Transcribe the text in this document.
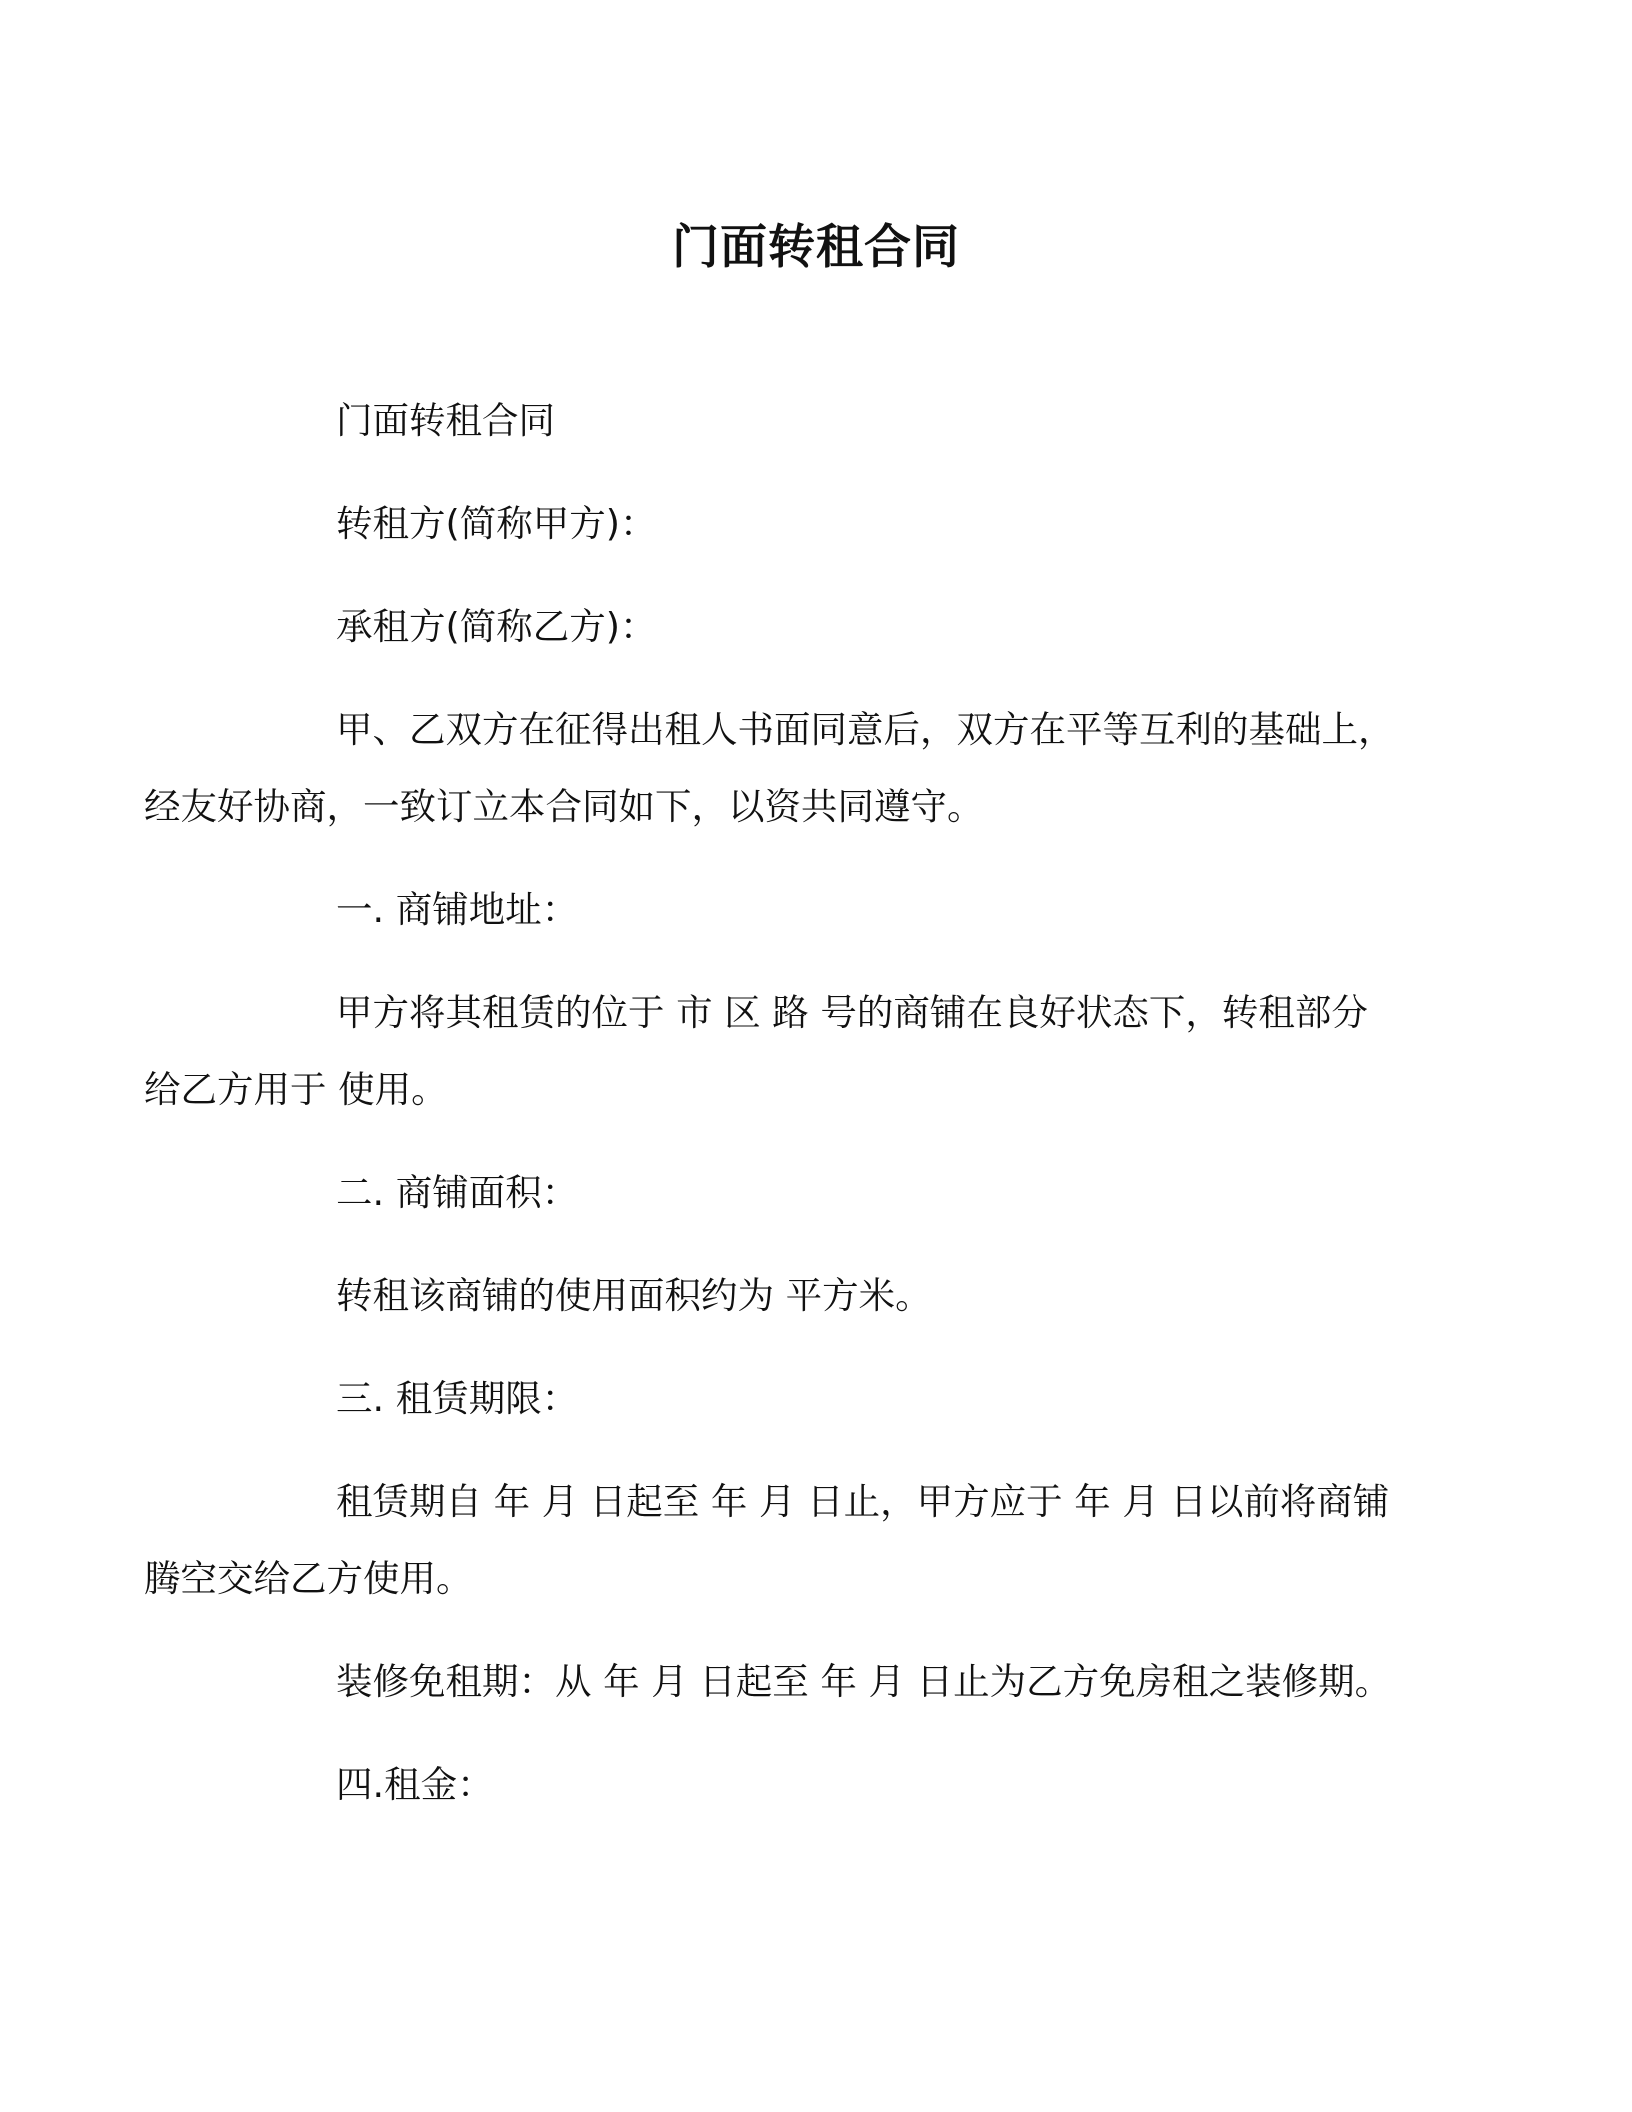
门面转租合同

门面转租合同

转租方(简称甲方)：

承租方(简称乙方)：

甲、乙双方在征得出租人书面同意后，双方在平等互利的基础上，
经友好协商，一致订立本合同如下，以资共同遵守。

一. 商铺地址：

甲方将其租赁的位于 市 区 路 号的商铺在良好状态下，转租部分
给乙方用于 使用。

二. 商铺面积：

转租该商铺的使用面积约为 平方米。

三. 租赁期限：

租赁期自 年 月 日起至 年 月 日止，甲方应于 年 月 日以前将商铺
腾空交给乙方使用。

装修免租期：从 年 月 日起至 年 月 日止为乙方免房租之装修期。

四.租金：
